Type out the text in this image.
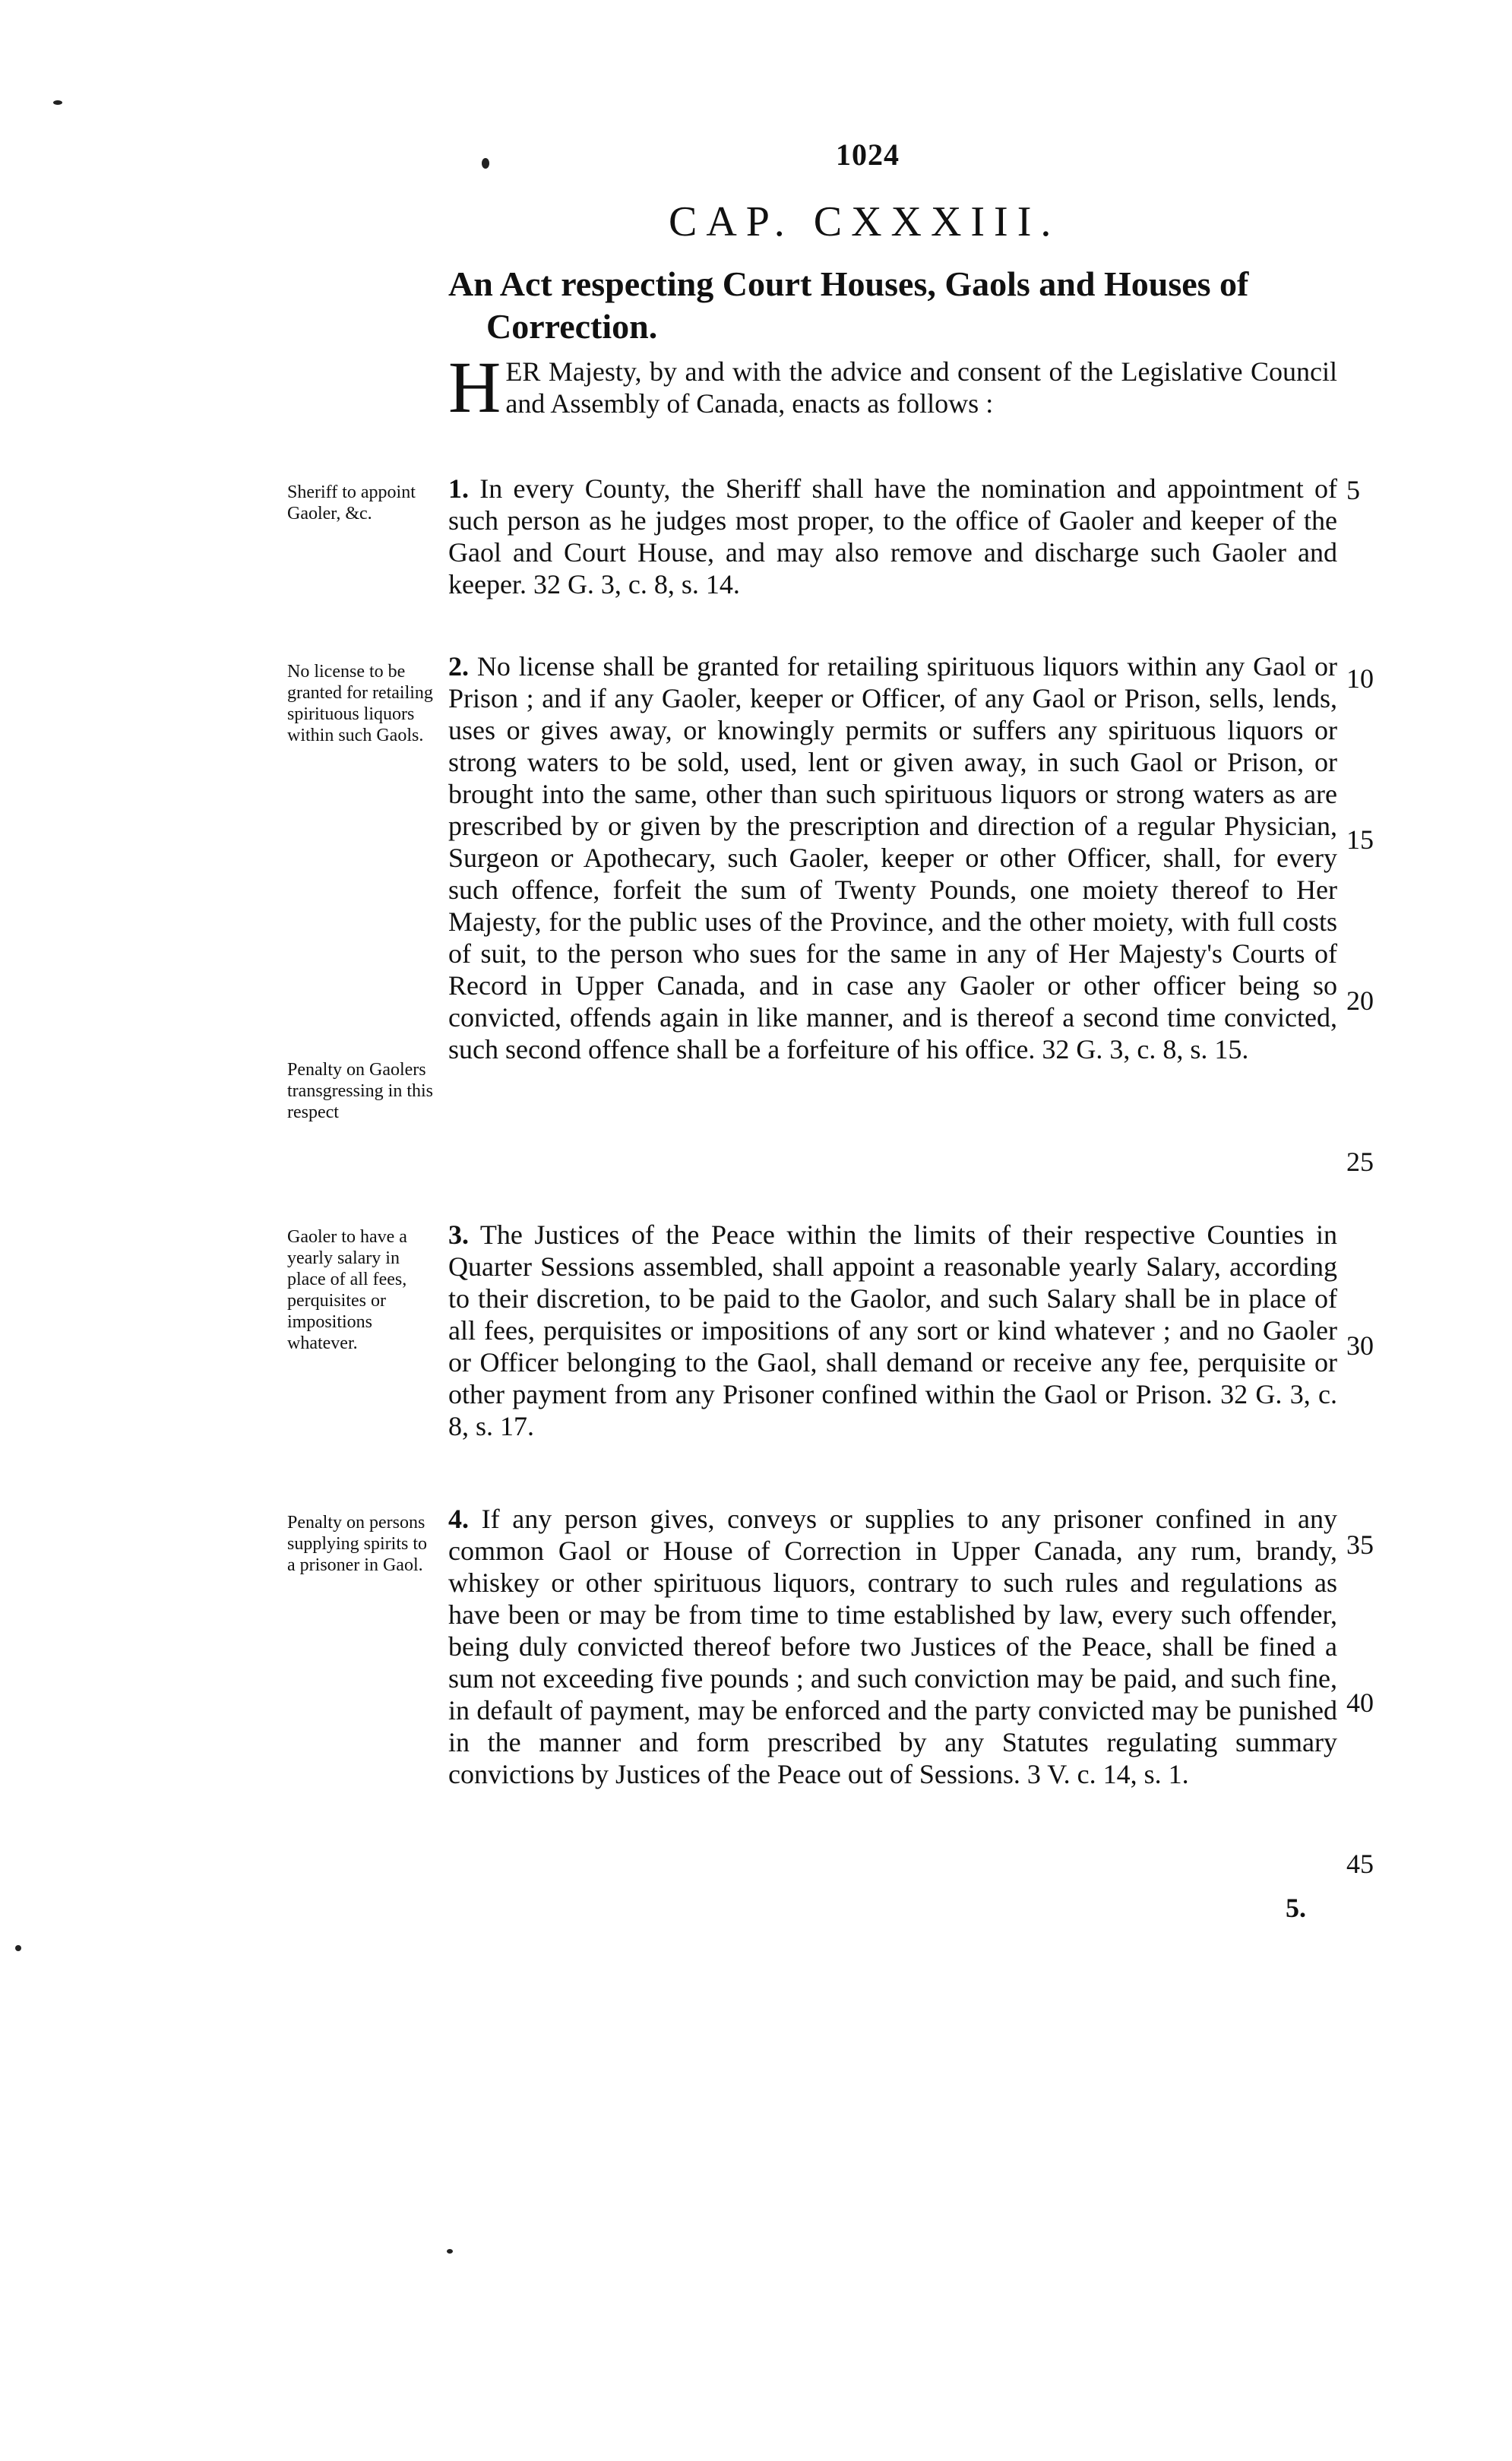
1024
CAP. CXXXIII.
An Act respecting Court Houses, Gaols and Houses of Correction.
H ER Majesty, by and with the advice and consent of the Legislative Council and Assembly of Canada, enacts as follows :
Sheriff to appoint Gaoler, &c.
1. In every County, the Sheriff shall have the nomination and appointment of such person as he judges most proper, to the office of Gaoler and keeper of the Gaol and Court House, and may also remove and discharge such Gaoler and keeper. 32 G. 3, c. 8, s. 14.
No license to be granted for retailing spirituous liquors within such Gaols.
Penalty on Gaolers transgressing in this respect
2. No license shall be granted for retailing spirituous liquors within any Gaol or Prison ; and if any Gaoler, keeper or Officer, of any Gaol or Prison, sells, lends, uses or gives away, or knowingly permits or suffers any spirituous liquors or strong waters to be sold, used, lent or given away, in such Gaol or Prison, or brought into the same, other than such spirituous liquors or strong waters as are prescribed by or given by the prescription and direction of a regular Physician, Surgeon or Apothecary, such Gaoler, keeper or other Officer, shall, for every such offence, forfeit the sum of Twenty Pounds, one moiety thereof to Her Majesty, for the public uses of the Province, and the other moiety, with full costs of suit, to the person who sues for the same in any of Her Majesty's Courts of Record in Upper Canada, and in case any Gaoler or other officer being so convicted, offends again in like manner, and is thereof a second time convicted, such second offence shall be a forfeiture of his office. 32 G. 3, c. 8, s. 15.
Gaoler to have a yearly salary in place of all fees, perquisites or impositions whatever.
3. The Justices of the Peace within the limits of their respective Counties in Quarter Sessions assembled, shall appoint a reasonable yearly Salary, according to their discretion, to be paid to the Gaolor, and such Salary shall be in place of all fees, perquisites or impositions of any sort or kind whatever ; and no Gaoler or Officer belonging to the Gaol, shall demand or receive any fee, perquisite or other payment from any Prisoner confined within the Gaol or Prison. 32 G. 3, c. 8, s. 17.
Penalty on persons supplying spirits to a prisoner in Gaol.
4. If any person gives, conveys or supplies to any prisoner confined in any common Gaol or House of Correction in Upper Canada, any rum, brandy, whiskey or other spirituous liquors, contrary to such rules and regulations as have been or may be from time to time established by law, every such offender, being duly convicted thereof before two Justices of the Peace, shall be fined a sum not exceeding five pounds ; and such conviction may be paid, and such fine, in default of payment, may be enforced and the party convicted may be punished in the manner and form prescribed by any Statutes regulating summary convictions by Justices of the Peace out of Sessions. 3 V. c. 14, s. 1.
5
10
15
20
25
30
35
40
45
5.
